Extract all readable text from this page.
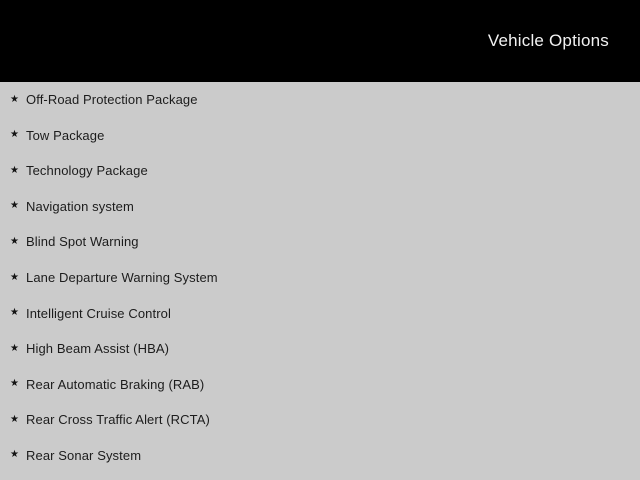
Vehicle Options
★ Off-Road Protection Package
★ Tow Package
★ Technology Package
★ Navigation system
★ Blind Spot Warning
★ Lane Departure Warning System
★ Intelligent Cruise Control
★ High Beam Assist (HBA)
★ Rear Automatic Braking (RAB)
★ Rear Cross Traffic Alert (RCTA)
★ Rear Sonar System
